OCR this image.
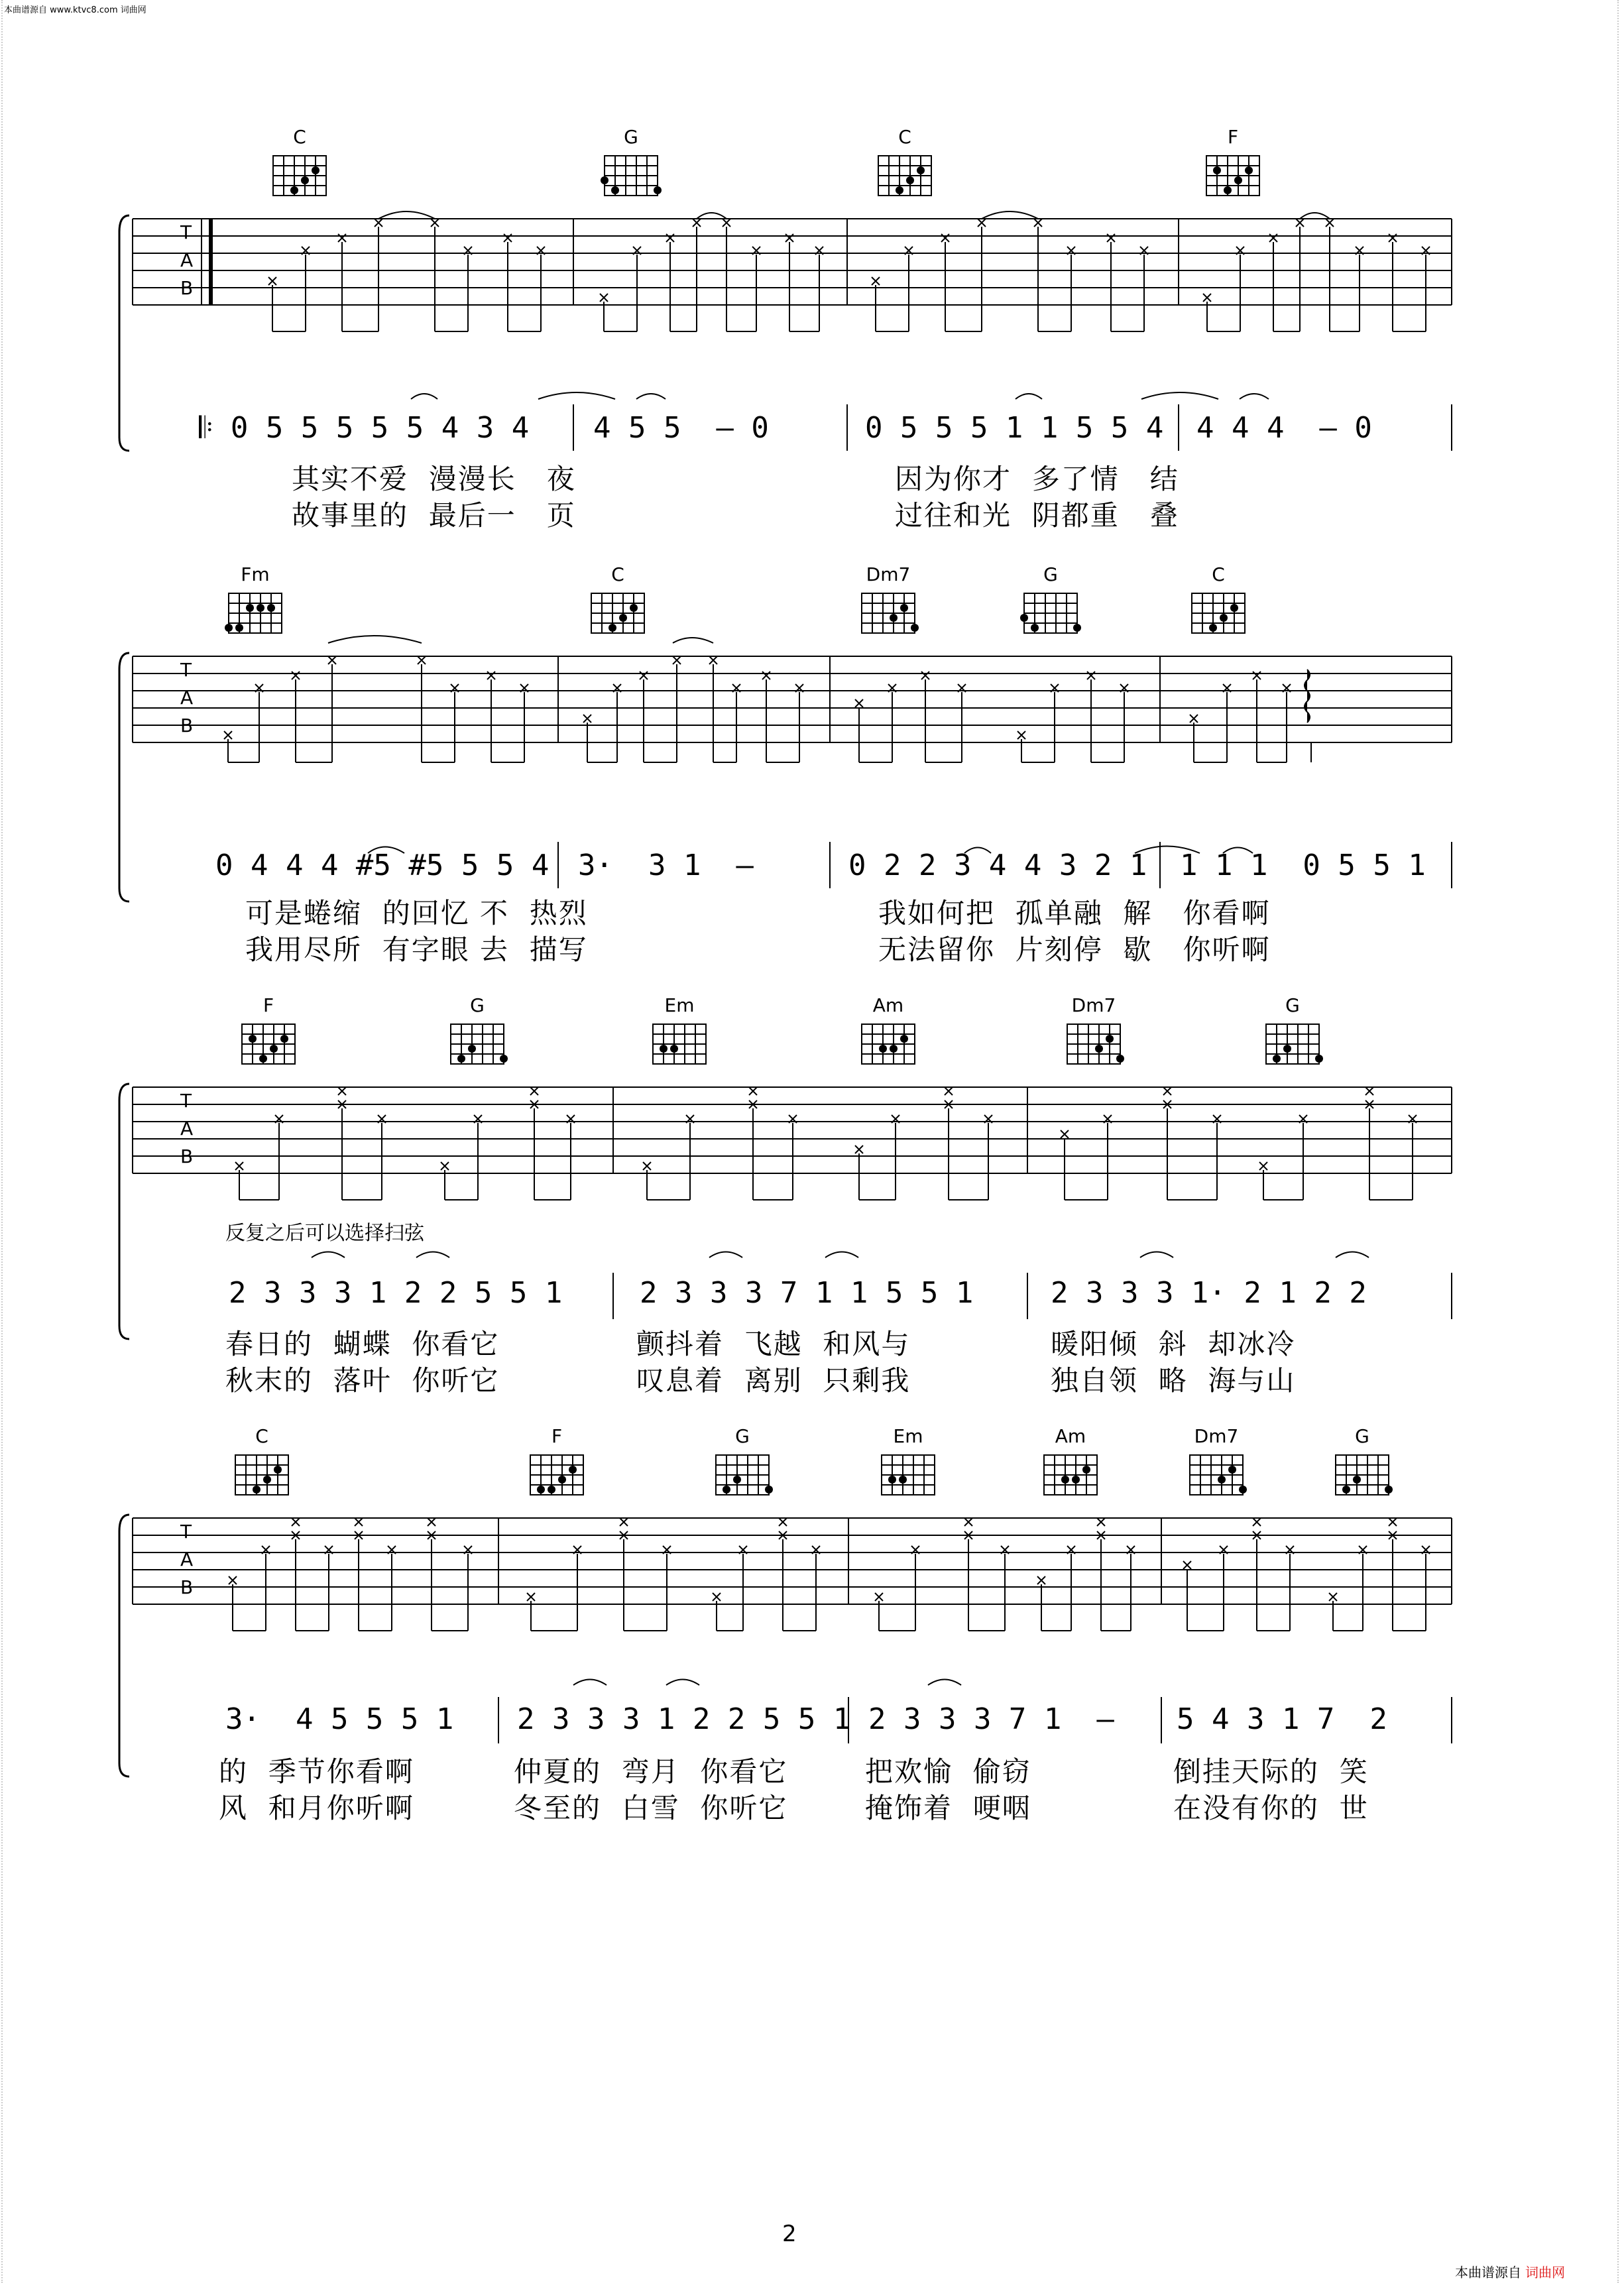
本曲谱源自 www.ktvc8.com 词曲网
C	G	C	F
T
A
B
𝄆 0 5 5 5 5 5 4 3 4 4 5 5  – 0	0 5 5 5 1 1 5 5 4 4 4 4  – 0
其实不爱  漫漫长   夜	因为你才  多了情   结
故事里的  最后一   页	过往和光  阴都重   叠
Fm	C	Dm7	G	C
T
A
B
0 4 4 4 #5 #5 5 5 4 3·  3 1  –	0 2 2 3 4 4 3 2 1 1 1 1  0 5 5 1
可是蜷缩  的回忆 不  热烈	我如何把  孤单融  解   你看啊
我用尽所  有字眼 去  描写	无法留你  片刻停  歇   你听啊
F	G	Em	Am	Dm7	G
T
A
B
反复之后可以选择扫弦
2 3 3 3 1 2 2 5 5 1	2 3 3 3 7 1 1 5 5 1	2 3 3 3 1· 2 1 2 2
春日的  蝴蝶  你看它	颤抖着  飞越  和风与	暖阳倾  斜  却冰冷
秋末的  落叶  你听它	叹息着  离别  只剩我	独自领  略  海与山
C	F	G	Em	Am	Dm7	G
T
A
B
3·  4 5 5 5 1 2 3 3 3 1 2 2 5 5 1 2 3 3 3 7 1  – 5 4 3 1 7  2
的  季节你看啊	仲夏的  弯月  你看它	把欢愉  偷窃	倒挂天际的  笑
风  和月你听啊	冬至的  白雪  你听它	掩饰着  哽咽	在没有你的  世
2
本曲谱源自 词曲网
